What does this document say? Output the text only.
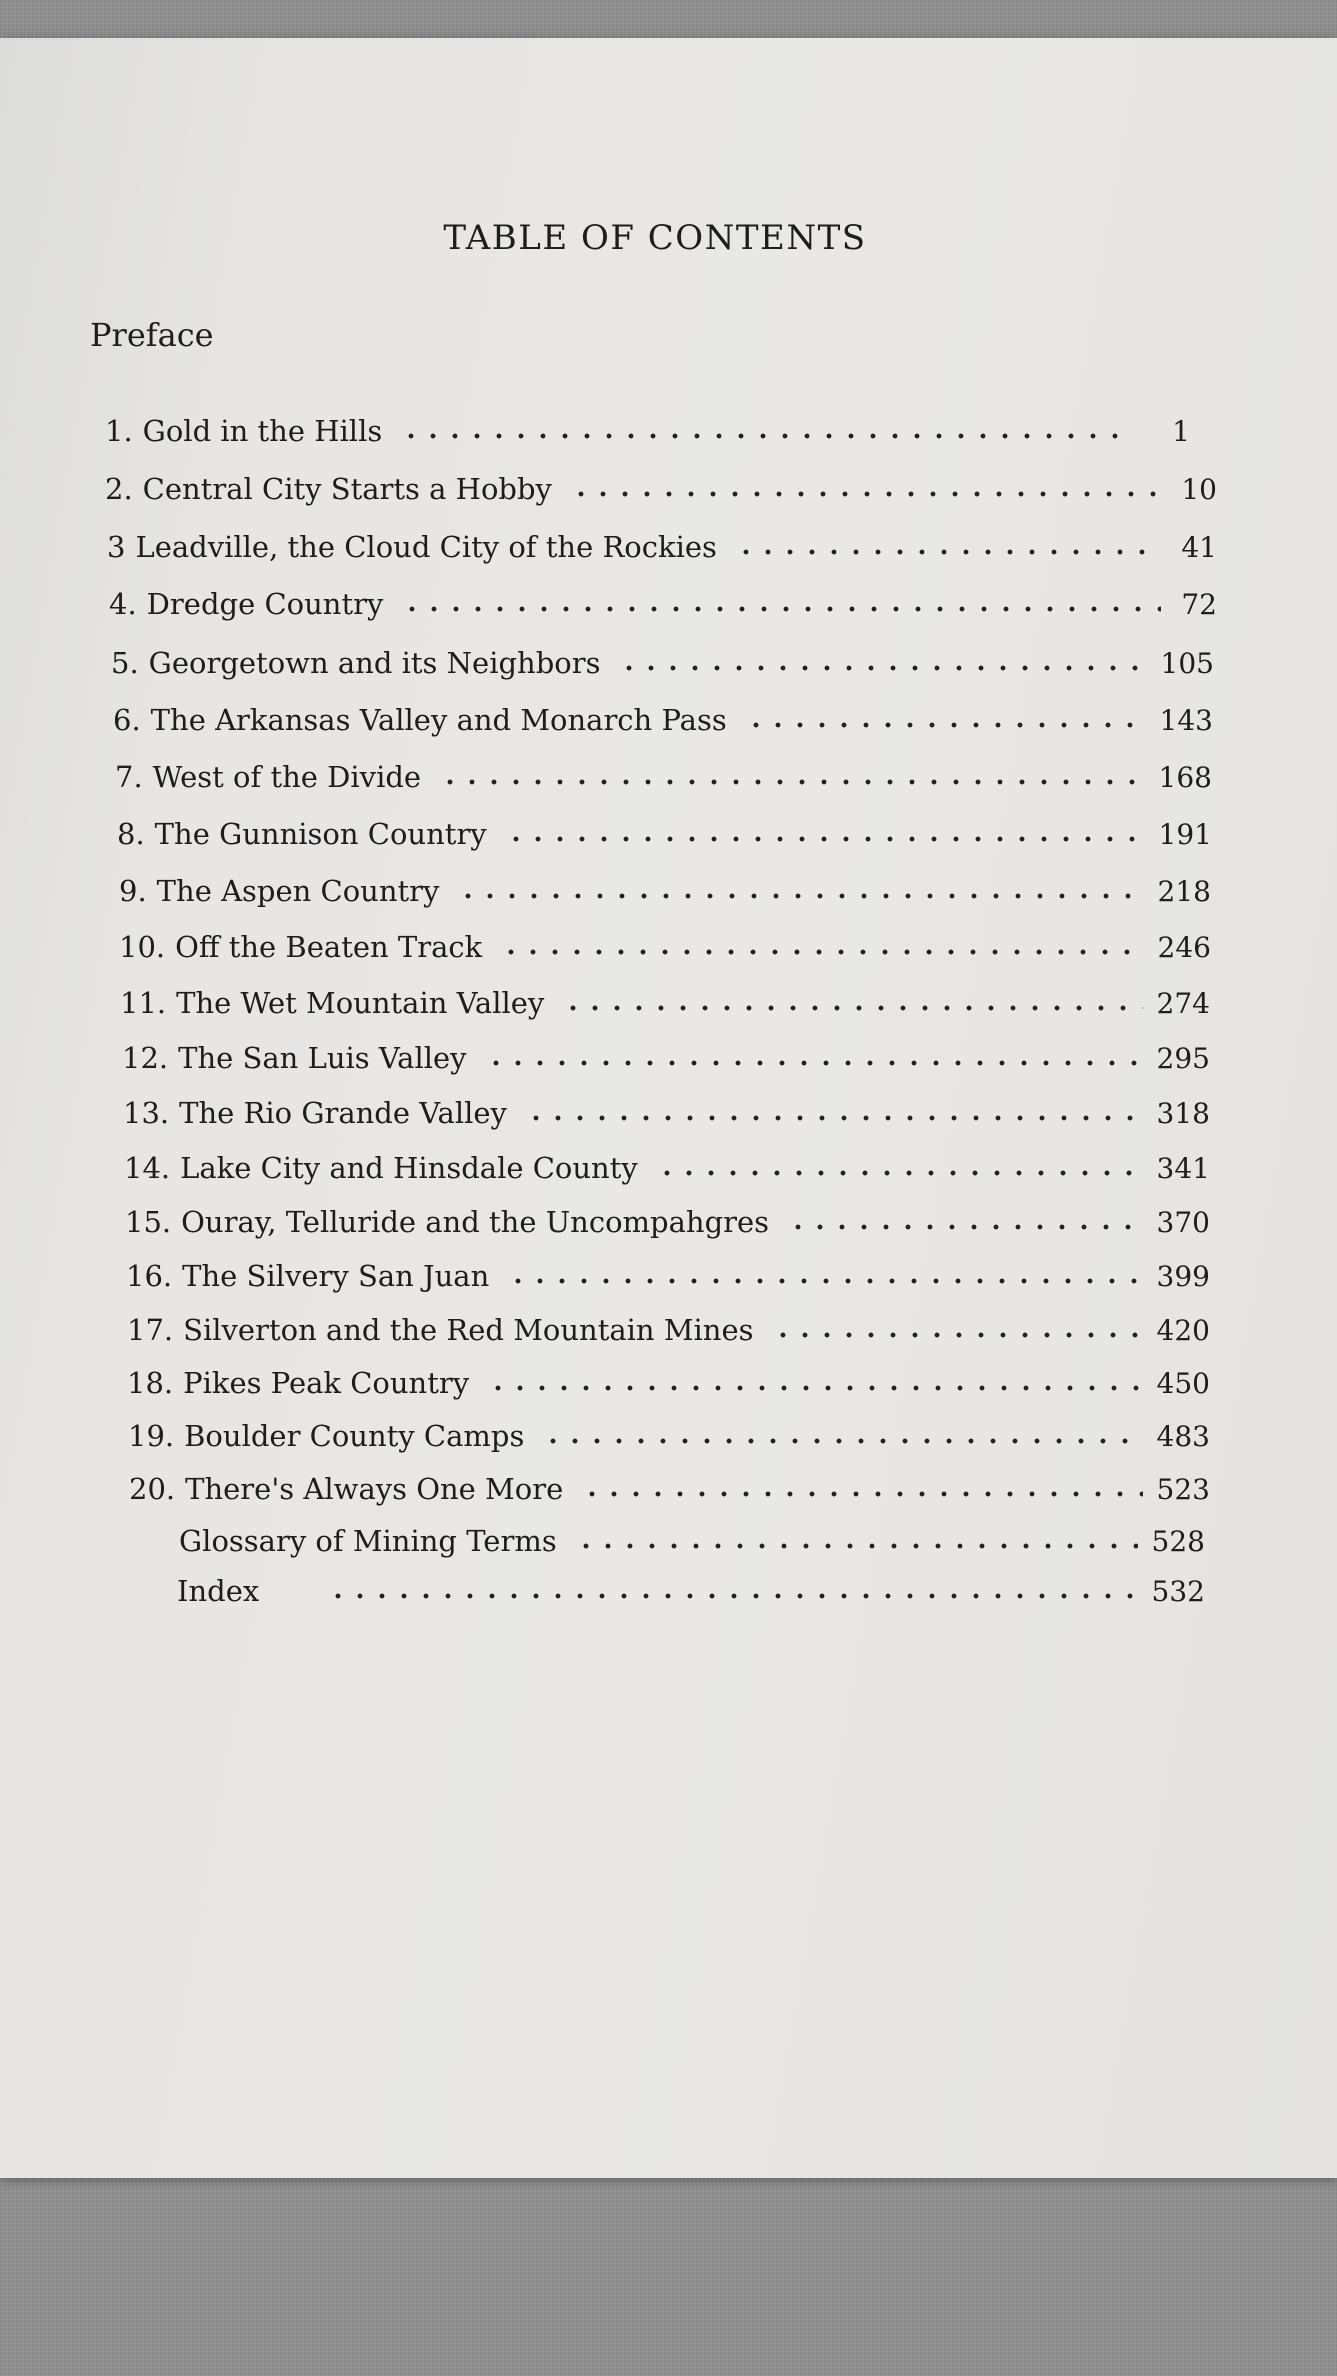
TABLE OF CONTENTS
Preface
1. Gold in the Hills	1
2. Central City Starts a Hobby	10
3 Leadville, the Cloud City of the Rockies	41
4. Dredge Country	72
5. Georgetown and its Neighbors	105
6. The Arkansas Valley and Monarch Pass	143
7. West of the Divide	168
8. The Gunnison Country	191
9. The Aspen Country	218
10. Off the Beaten Track	246
11. The Wet Mountain Valley	274
12. The San Luis Valley	295
13. The Rio Grande Valley	318
14. Lake City and Hinsdale County	341
15. Ouray, Telluride and the Uncompahgres	370
16. The Silvery San Juan	399
17. Silverton and the Red Mountain Mines	420
18. Pikes Peak Country	450
19. Boulder County Camps	483
20. There's Always One More	523
Glossary of Mining Terms	528
Index	532
